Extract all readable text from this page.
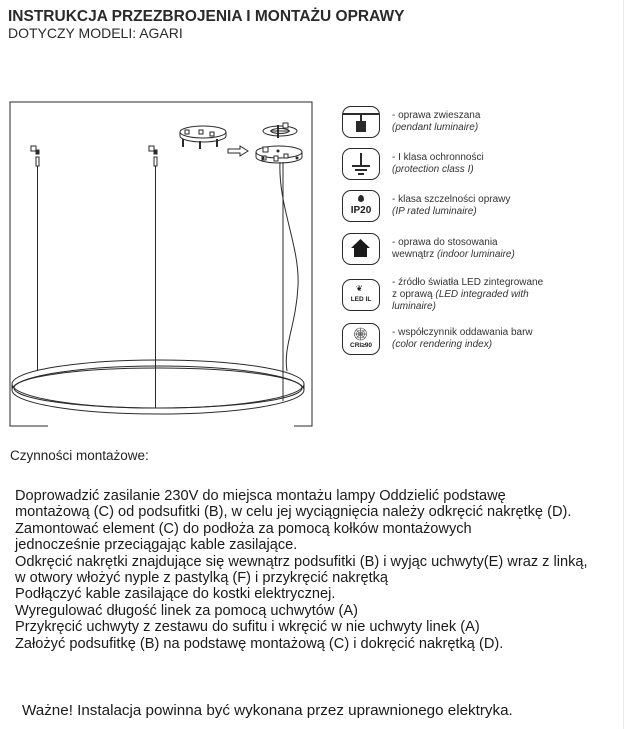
INSTRUKCJA PRZEZBROJENIA I MONTAŻU OPRAWY
DOTYCZY MODELI: AGARI
- oprawa zwieszana
(pendant luminaire)
- I klasa ochronności
(protection class I)
IP20
- klasa szczelności oprawy
(IP rated luminaire)
- oprawa do stosowania
wewnątrz (indoor luminaire)
❦
LED IL
- źródło światła LED zintegrowane
z oprawą (LED integraded with
luminaire)
CRI≥90
- współczynnik oddawania barw
(color rendering index)
Czynności montażowe:
Doprowadzić zasilanie 230V do miejsca montażu lampy Oddzielić podstawę
montażową (C) od podsufitki (B), w celu jej wyciągnięcia należy odkręcić nakrętkę (D).
Zamontować element (C) do podłoża za pomocą kołków montażowych
jednocześnie przeciągając kable zasilające.
Odkręcić nakrętki znajdujące się wewnątrz podsufitki (B) i wyjąc uchwyty(E) wraz z linką,
w otwory włożyć nyple z pastylką (F) i przykręcić nakrętką
Podłączyć kable zasilające do kostki elektrycznej.
Wyregulować długość linek za pomocą uchwytów (A)
Przykręcić uchwyty z zestawu do sufitu i wkręcić w nie uchwyty linek (A)
Założyć podsufitkę (B) na podstawę montażową (C) i dokręcić nakrętką (D).
Ważne! Instalacja powinna być wykonana przez uprawnionego elektryka.
